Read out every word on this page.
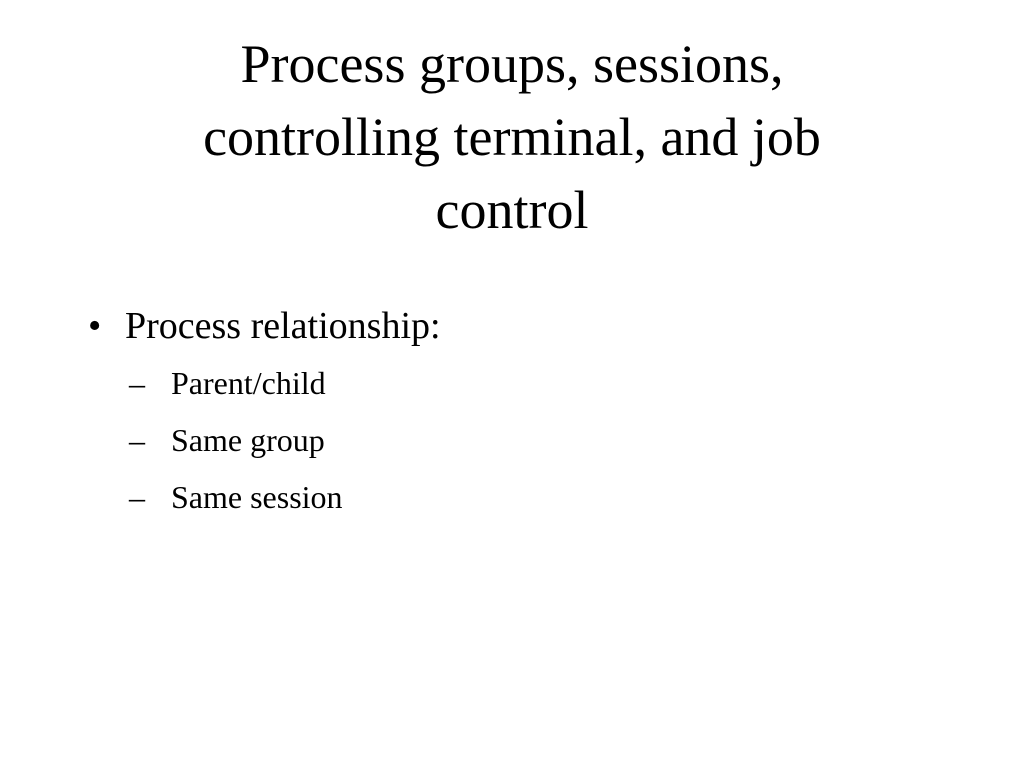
Process groups, sessions,
controlling terminal, and job
control
• Process relationship:
– Parent/child
– Same group
– Same session
